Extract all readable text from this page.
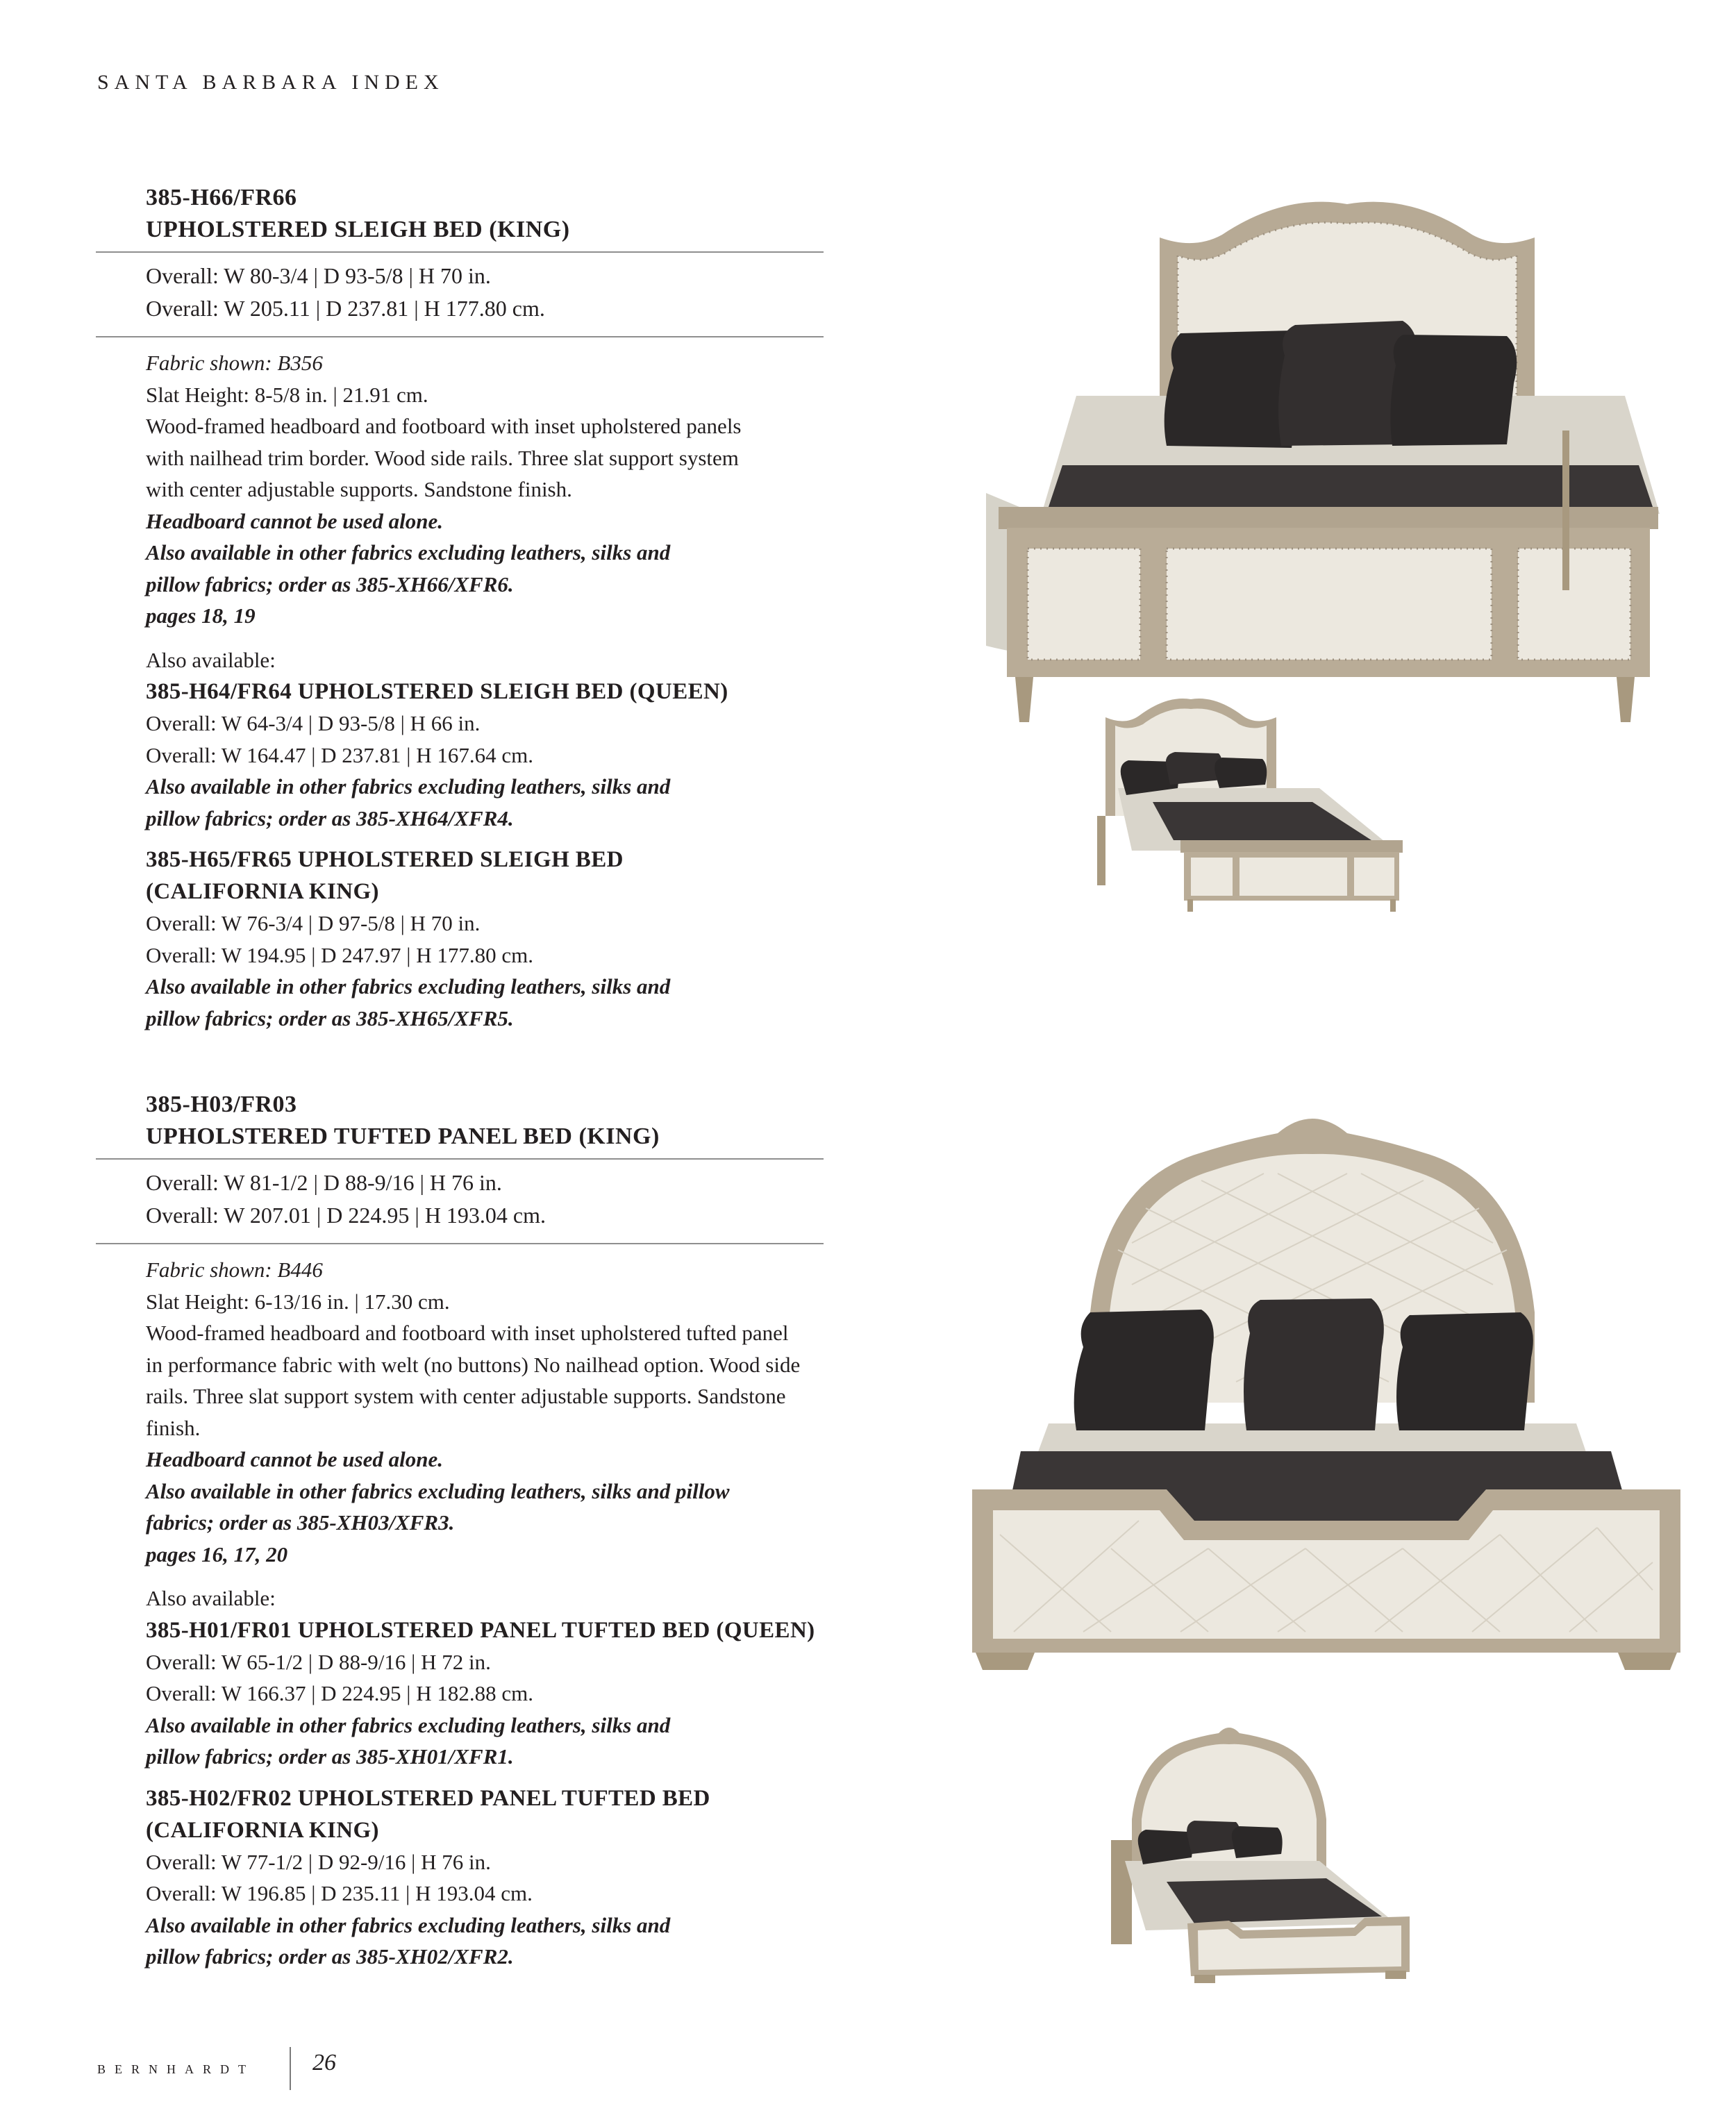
SANTA BARBARA INDEX
385-H66/FR66
UPHOLSTERED SLEIGH BED (KING)
Overall: W 80-3/4 | D 93-5/8 | H 70 in.
Overall: W 205.11 | D 237.81 | H 177.80 cm.
Fabric shown: B356
Slat Height: 8-5/8 in. | 21.91 cm.
Wood-framed headboard and footboard with inset upholstered panels
with nailhead trim border. Wood side rails. Three slat support system
with center adjustable supports. Sandstone finish.
Headboard cannot be used alone.
Also available in other fabrics excluding leathers, silks and
pillow fabrics; order as 385-XH66/XFR6.
pages 18, 19
Also available:
385-H64/FR64 UPHOLSTERED SLEIGH BED (QUEEN)
Overall: W 64-3/4 | D 93-5/8 | H 66 in.
Overall: W 164.47 | D 237.81 | H 167.64 cm.
Also available in other fabrics excluding leathers, silks and
pillow fabrics; order as 385-XH64/XFR4.
385-H65/FR65 UPHOLSTERED SLEIGH BED
(CALIFORNIA KING)
Overall: W 76-3/4 | D 97-5/8 | H 70 in.
Overall: W 194.95 | D 247.97 | H 177.80 cm.
Also available in other fabrics excluding leathers, silks and
pillow fabrics; order as 385-XH65/XFR5.
385-H03/FR03
UPHOLSTERED TUFTED PANEL BED (KING)
Overall: W 81-1/2 | D 88-9/16 | H 76 in.
Overall: W 207.01 | D 224.95 | H 193.04 cm.
Fabric shown: B446
Slat Height: 6-13/16 in. | 17.30 cm.
Wood-framed headboard and footboard with inset upholstered tufted panel
in performance fabric with welt (no buttons) No nailhead option. Wood side
rails. Three slat support system with center adjustable supports. Sandstone
finish.
Headboard cannot be used alone.
Also available in other fabrics excluding leathers, silks and pillow
fabrics; order as 385-XH03/XFR3.
pages 16, 17, 20
Also available:
385-H01/FR01 UPHOLSTERED PANEL TUFTED BED (QUEEN)
Overall: W 65-1/2 | D 88-9/16 | H 72 in.
Overall: W 166.37 | D 224.95 | H 182.88 cm.
Also available in other fabrics excluding leathers, silks and
pillow fabrics; order as 385-XH01/XFR1.
385-H02/FR02 UPHOLSTERED PANEL TUFTED BED
(CALIFORNIA KING)
Overall: W 77-1/2 | D 92-9/16 | H 76 in.
Overall: W 196.85 | D 235.11 | H 193.04 cm.
Also available in other fabrics excluding leathers, silks and
pillow fabrics; order as 385-XH02/XFR2.
BERNHARDT 26
